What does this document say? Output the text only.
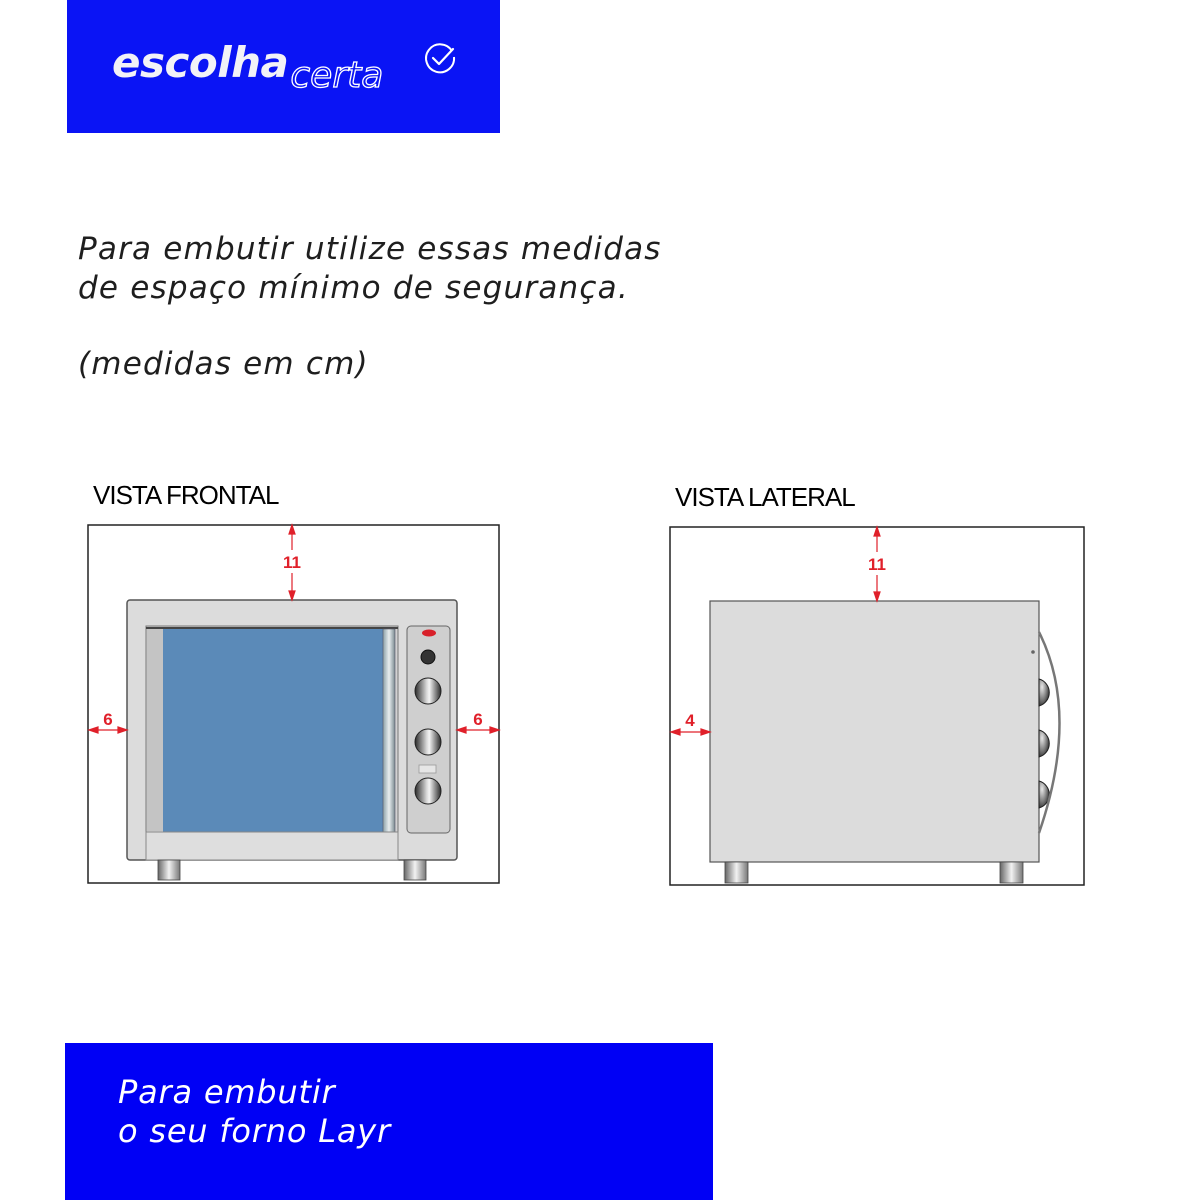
escolhacerta

Para embutir utilize essas medidas

de espaço mínimo de segurança.

(medidas em cm)

VISTA FRONTAL
11
6	6
VISTA LATERAL
11
4

Para embutir

o seu forno Layr
